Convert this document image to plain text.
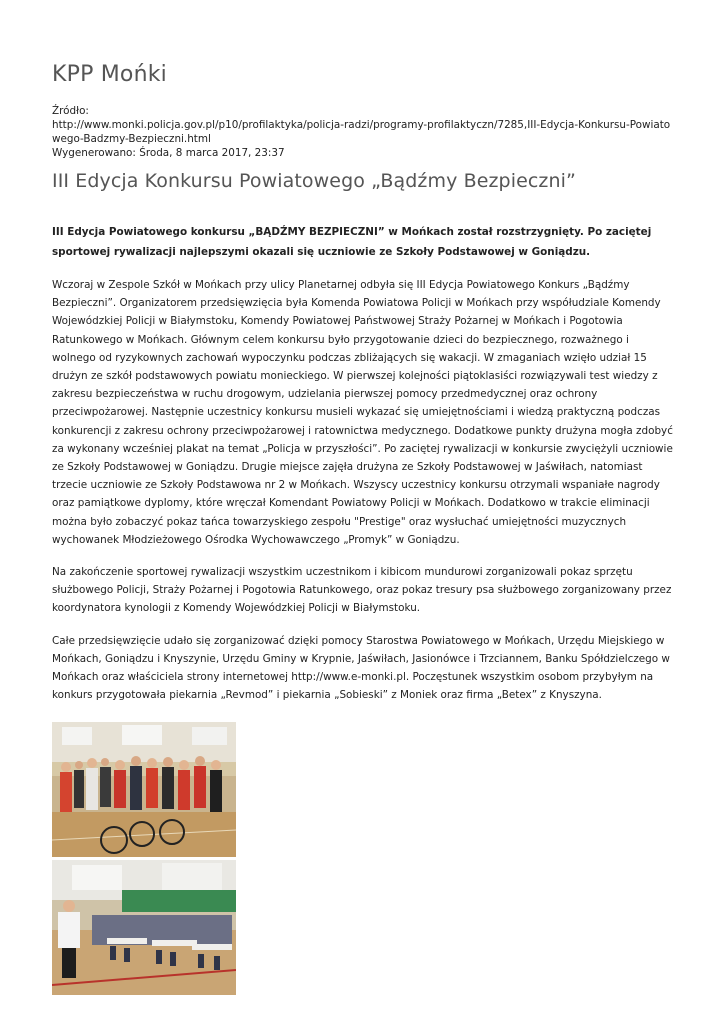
KPP Mońki
Źródło:
http://www.monki.policja.gov.pl/p10/profilaktyka/policja-radzi/programy-profilaktyczn/7285,III-Edycja-Konkursu-Powiatowego-Badzmy-Bezpieczni.html
Wygenerowano: Środa, 8 marca 2017, 23:37
III Edycja Konkursu Powiatowego „Bądźmy Bezpieczni”

III Edycja Powiatowego konkursu „BĄDŹMY BEZPIECZNI” w Mońkach został rozstrzygnięty. Po zaciętej sportowej rywalizacji najlepszymi okazali się uczniowie ze Szkoły Podstawowej w Goniądzu.

Wczoraj w Zespole Szkół w Mońkach przy ulicy Planetarnej odbyła się III Edycja Powiatowego Konkurs „Bądźmy Bezpieczni”. Organizatorem przedsięwzięcia była Komenda Powiatowa Policji w Mońkach przy współudziale Komendy Wojewódzkiej Policji w Białymstoku, Komendy Powiatowej Państwowej Straży Pożarnej w Mońkach i Pogotowia Ratunkowego w Mońkach. Głównym celem konkursu było przygotowanie dzieci do bezpiecznego, rozważnego i wolnego od ryzykownych zachowań wypoczynku podczas zbliżających się wakacji. W zmaganiach wzięło udział 15 drużyn ze szkół podstawowych powiatu monieckiego. W pierwszej kolejności piątoklasiści rozwiązywali test wiedzy z zakresu bezpieczeństwa w ruchu drogowym, udzielania pierwszej pomocy przedmedycznej oraz ochrony przeciwpożarowej. Następnie uczestnicy konkursu musieli wykazać się umiejętnościami i wiedzą praktyczną podczas konkurencji z zakresu ochrony przeciwpożarowej i ratownictwa medycznego. Dodatkowe punkty drużyna mogła zdobyć za wykonany wcześniej plakat na temat „Policja w przyszłości”. Po zaciętej rywalizacji w konkursie zwyciężyli uczniowie ze Szkoły Podstawowej w Goniądzu. Drugie miejsce zajęła drużyna ze Szkoły Podstawowej w Jaświłach, natomiast trzecie uczniowie ze Szkoły Podstawowa nr 2 w Mońkach. Wszyscy uczestnicy konkursu otrzymali wspaniałe nagrody oraz pamiątkowe dyplomy, które wręczał Komendant Powiatowy Policji w Mońkach. Dodatkowo w trakcie eliminacji można było zobaczyć pokaz tańca towarzyskiego zespołu "Prestige" oraz wysłuchać umiejętności muzycznych wychowanek Młodzieżowego Ośrodka Wychowawczego „Promyk” w Goniądzu.

Na zakończenie sportowej rywalizacji wszystkim uczestnikom i kibicom mundurowi zorganizowali pokaz sprzętu służbowego Policji, Straży Pożarnej i Pogotowia Ratunkowego, oraz pokaz tresury psa służbowego zorganizowany przez koordynatora kynologii z Komendy Wojewódzkiej Policji w Białymstoku.

Całe przedsięwzięcie udało się zorganizować dzięki pomocy Starostwa Powiatowego w Mońkach, Urzędu Miejskiego w Mońkach, Goniądzu i Knyszynie, Urzędu Gminy w Krypnie, Jaświłach, Jasionówce i Trzciannem, Banku Spółdzielczego w Mońkach oraz właściciela strony internetowej http://www.e-monki.pl. Poczęstunek wszystkim osobom przybyłym na konkurs przygotowała piekarnia „Revmod” i piekarnia „Sobieski” z Moniek oraz firma „Betex” z Knyszyna.
